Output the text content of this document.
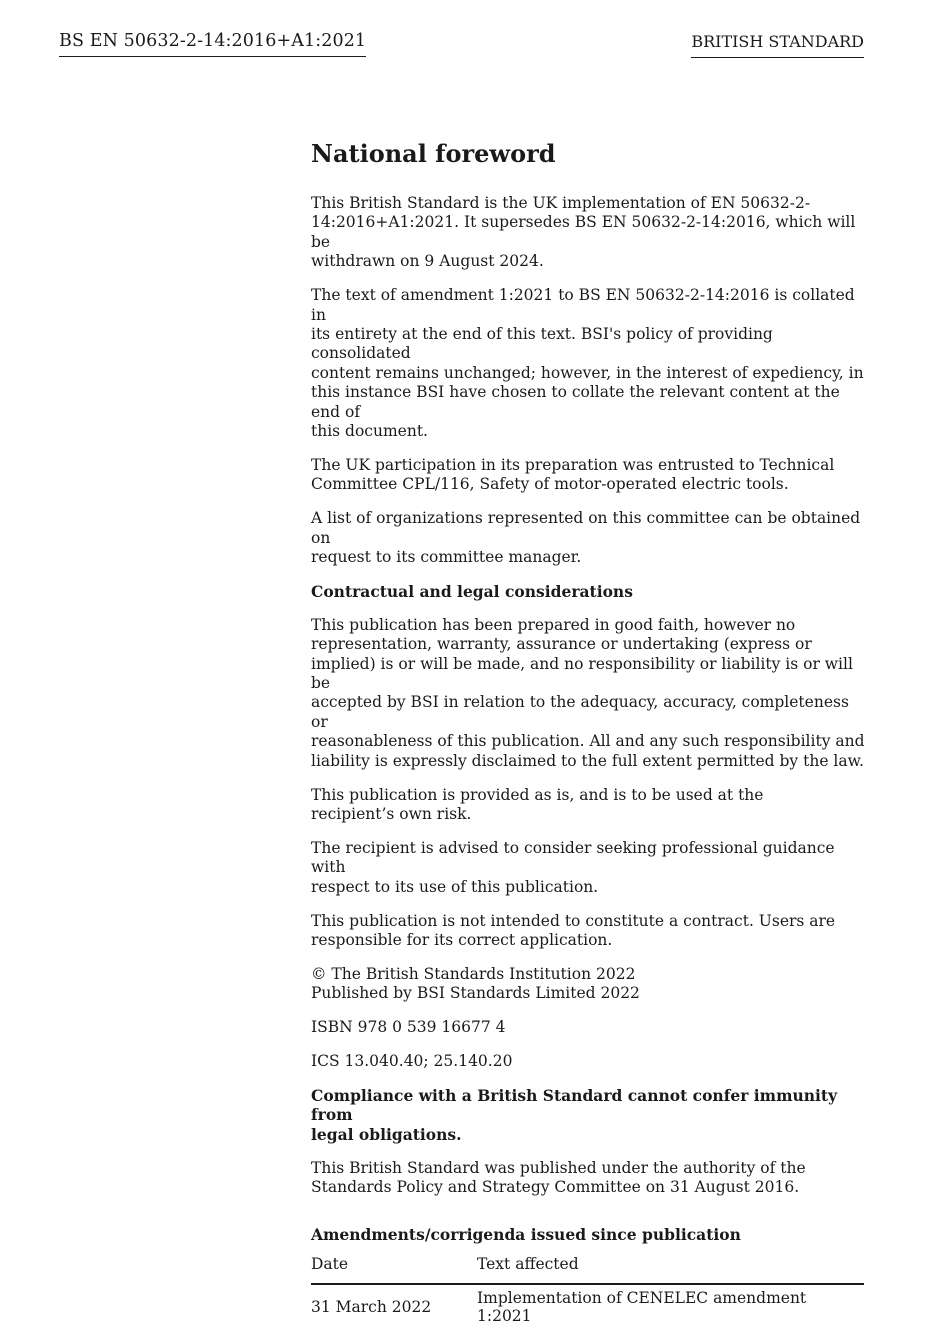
BS EN 50632-2-14:2016+A1:2021	BRITISH STANDARD
National foreword

This British Standard is the UK implementation of EN 50632-2-
14:2016+A1:2021. It supersedes BS EN 50632-2-14:2016, which will be
withdrawn on 9 August 2024.

The text of amendment 1:2021 to BS EN 50632-2-14:2016 is collated in
its entirety at the end of this text. BSI's policy of providing consolidated
content remains unchanged; however, in the interest of expediency, in
this instance BSI have chosen to collate the relevant content at the end of
this document.

The UK participation in its preparation was entrusted to Technical
Committee CPL/116, Safety of motor-operated electric tools.

A list of organizations represented on this committee can be obtained on
request to its committee manager.

Contractual and legal considerations

This publication has been prepared in good faith, however no
representation, warranty, assurance or undertaking (express or
implied) is or will be made, and no responsibility or liability is or will be
accepted by BSI in relation to the adequacy, accuracy, completeness or
reasonableness of this publication. All and any such responsibility and
liability is expressly disclaimed to the full extent permitted by the law.

This publication is provided as is, and is to be used at the
recipient’s own risk.

The recipient is advised to consider seeking professional guidance with
respect to its use of this publication.

This publication is not intended to constitute a contract. Users are
responsible for its correct application.

© The British Standards Institution 2022
Published by BSI Standards Limited 2022

ISBN 978 0 539 16677 4

ICS 13.040.40; 25.140.20

Compliance with a British Standard cannot confer immunity from
legal obligations.

This British Standard was published under the authority of the
Standards Policy and Strategy Committee on 31 August 2016.

Amendments/corrigenda issued since publication
Date	Text affected
31 March 2022	Implementation of CENELEC amendment 1:2021
